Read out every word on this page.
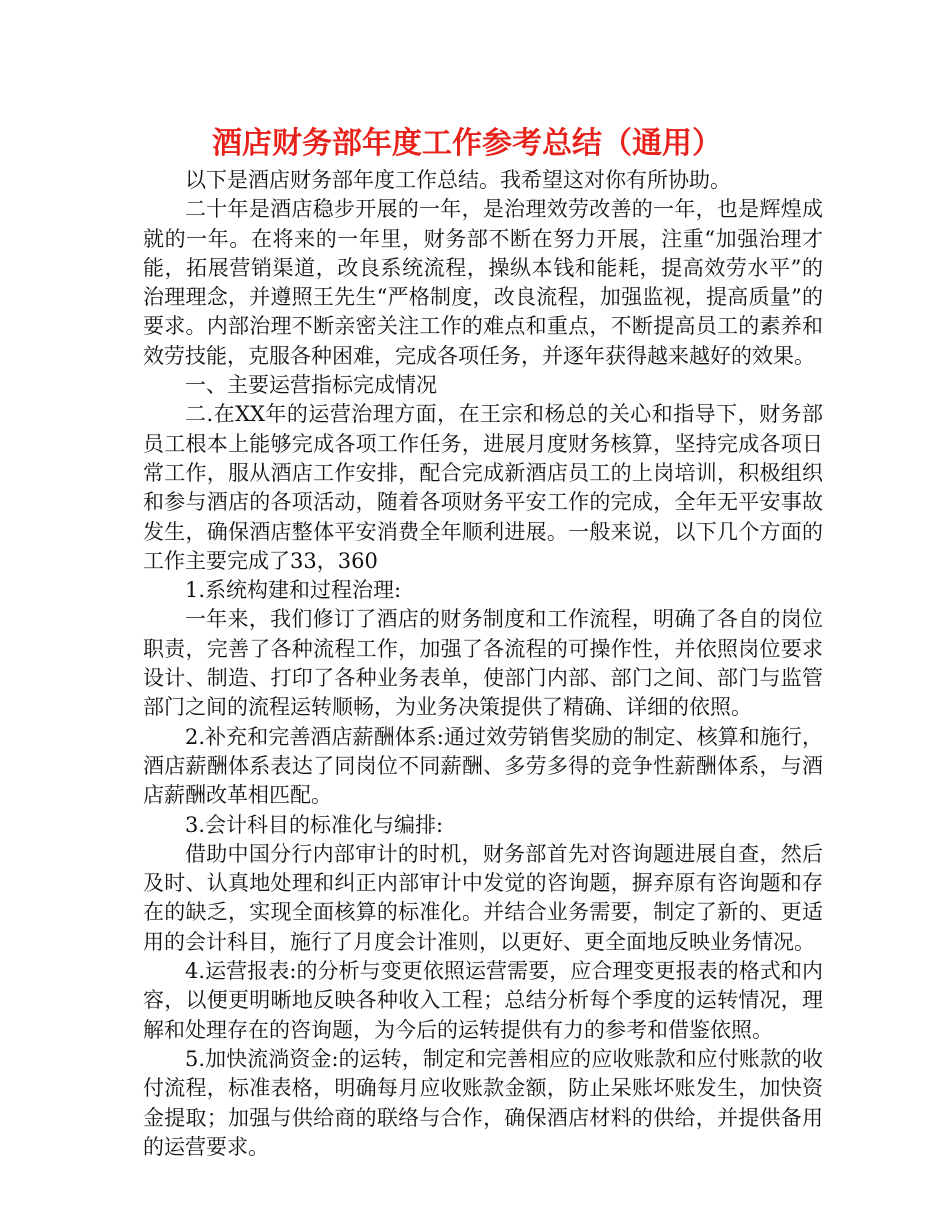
酒店财务部年度工作参考总结（通用）

以下是酒店财务部年度工作总结。我希望这对你有所协助。

二十年是酒店稳步开展的一年，是治理效劳改善的一年，也是辉煌成就的一年。在将来的一年里，财务部不断在努力开展，注重“加强治理才能，拓展营销渠道，改良系统流程，操纵本钱和能耗，提高效劳水平”的治理理念，并遵照王先生“严格制度，改良流程，加强监视，提高质量”的要求。内部治理不断亲密关注工作的难点和重点，不断提高员工的素养和效劳技能，克服各种困难，完成各项任务，并逐年获得越来越好的效果。

一、主要运营指标完成情况

二.在XX年的运营治理方面，在王宗和杨总的关心和指导下，财务部员工根本上能够完成各项工作任务，进展月度财务核算，坚持完成各项日常工作，服从酒店工作安排，配合完成新酒店员工的上岗培训，积极组织和参与酒店的各项活动，随着各项财务平安工作的完成，全年无平安事故发生，确保酒店整体平安消费全年顺利进展。一般来说，以下几个方面的工作主要完成了33，360

1.系统构建和过程治理:

一年来，我们修订了酒店的财务制度和工作流程，明确了各自的岗位职责，完善了各种流程工作，加强了各流程的可操作性，并依照岗位要求设计、制造、打印了各种业务表单，使部门内部、部门之间、部门与监管部门之间的流程运转顺畅，为业务决策提供了精确、详细的依照。

2.补充和完善酒店薪酬体系:通过效劳销售奖励的制定、核算和施行，酒店薪酬体系表达了同岗位不同薪酬、多劳多得的竞争性薪酬体系，与酒店薪酬改革相匹配。

3.会计科目的标准化与编排:

借助中国分行内部审计的时机，财务部首先对咨询题进展自查，然后及时、认真地处理和纠正内部审计中发觉的咨询题，摒弃原有咨询题和存在的缺乏，实现全面核算的标准化。并结合业务需要，制定了新的、更适用的会计科目，施行了月度会计准则，以更好、更全面地反映业务情况。

4.运营报表:的分析与变更依照运营需要，应合理变更报表的格式和内容，以便更明晰地反映各种收入工程；总结分析每个季度的运转情况，理解和处理存在的咨询题，为今后的运转提供有力的参考和借鉴依照。

5.加快流淌资金:的运转，制定和完善相应的应收账款和应付账款的收付流程，标准表格，明确每月应收账款金额，防止呆账坏账发生，加快资金提取；加强与供给商的联络与合作，确保酒店材料的供给，并提供备用的运营要求。
